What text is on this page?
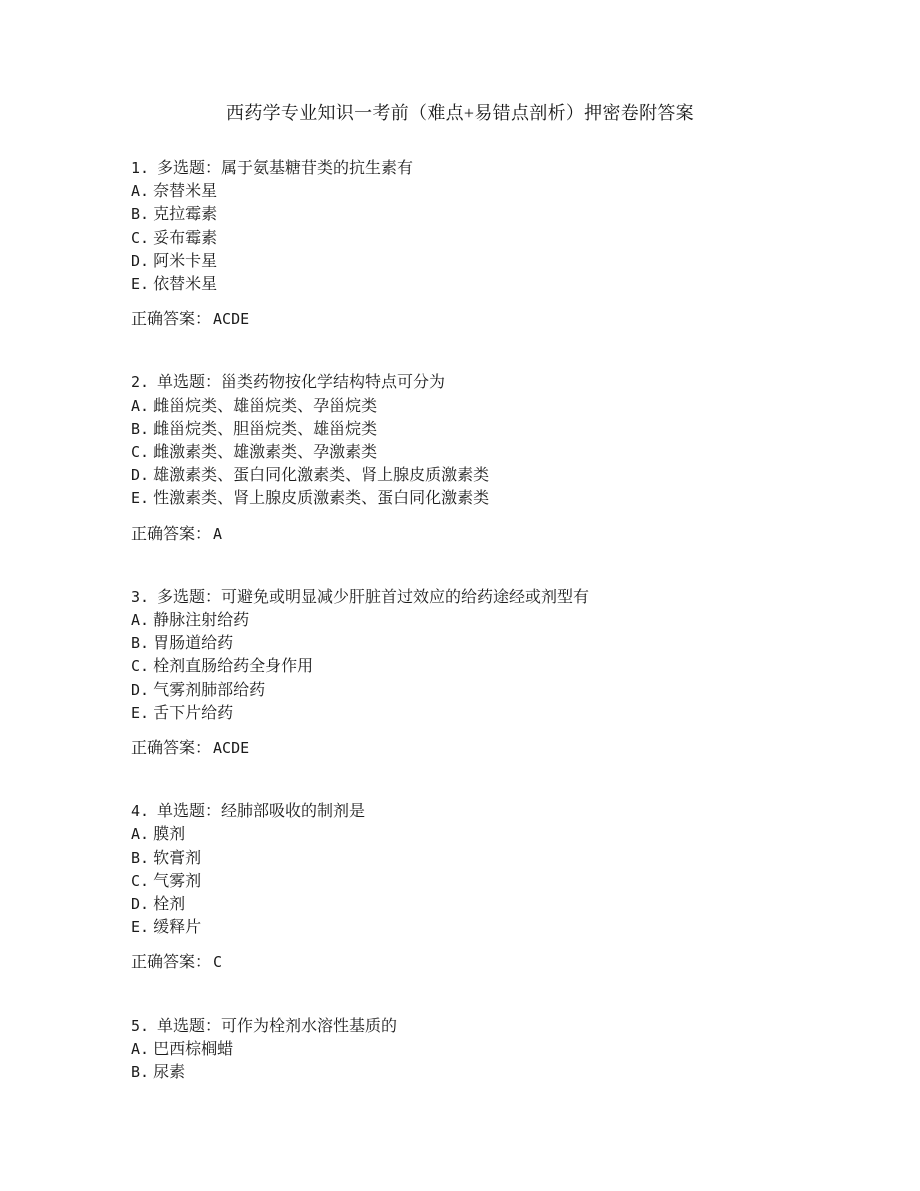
西药学专业知识一考前（难点+易错点剖析）押密卷附答案
1. 多选题：属于氨基糖苷类的抗生素有
A. 奈替米星
B. 克拉霉素
C. 妥布霉素
D. 阿米卡星
E. 依替米星
正确答案： ACDE
2. 单选题：甾类药物按化学结构特点可分为
A. 雌甾烷类、雄甾烷类、孕甾烷类
B. 雌甾烷类、胆甾烷类、雄甾烷类
C. 雌激素类、雄激素类、孕激素类
D. 雄激素类、蛋白同化激素类、肾上腺皮质激素类
E. 性激素类、肾上腺皮质激素类、蛋白同化激素类
正确答案： A
3. 多选题：可避免或明显减少肝脏首过效应的给药途经或剂型有
A. 静脉注射给药
B. 胃肠道给药
C. 栓剂直肠给药全身作用
D. 气雾剂肺部给药
E. 舌下片给药
正确答案： ACDE
4. 单选题：经肺部吸收的制剂是
A. 膜剂
B. 软膏剂
C. 气雾剂
D. 栓剂
E. 缓释片
正确答案： C
5. 单选题：可作为栓剂水溶性基质的
A. 巴西棕榈蜡
B. 尿素
